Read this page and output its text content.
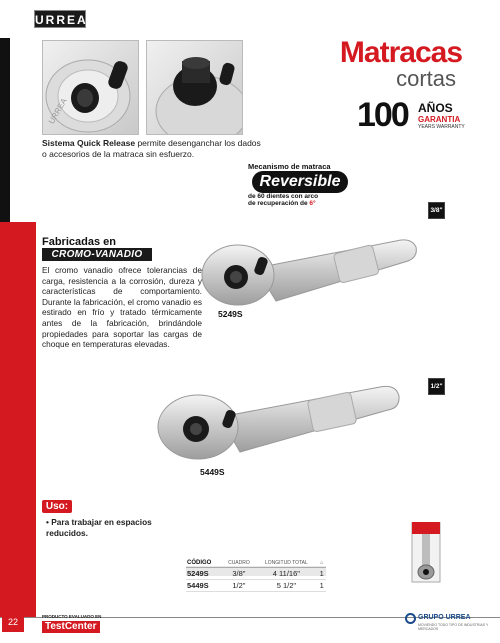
URREA
URREA
Sistema Quick Release permite desenganchar los dados o accesorios de la matraca sin esfuerzo.
Matracas
cortas
100 AÑOS
GARANTIA
YEARS WARRANTY
Mecanismo de matraca
Reversible
de 60 dientes con arco
de recuperación de 6°
3/8"
1/2"
Fabricadas en
CROMO-VANADIO
El cromo vanadio ofrece tolerancias de carga, resistencia a la corrosión, dureza y características de comportamiento. Durante la fabricación, el cromo vanadio es estirado en frío y tratado térmicamente antes de la fabricación, brindándole propiedades para soportar las cargas de choque en temperaturas elevadas.
5249S
5449S
Uso:
• Para trabajar en espacios reducidos.
CÓDIGO	CUADRO	LONGITUD TOTAL	⌂
5249S	3/8"	4 11/16"	1
5449S	1/2"	5 1/2"	1
22
PRODUCTO EVALUADO EN
TestCenter
GRUPO URREA
MOVIENDO TODO TIPO DE INDUSTRIAS Y MERCADOS
